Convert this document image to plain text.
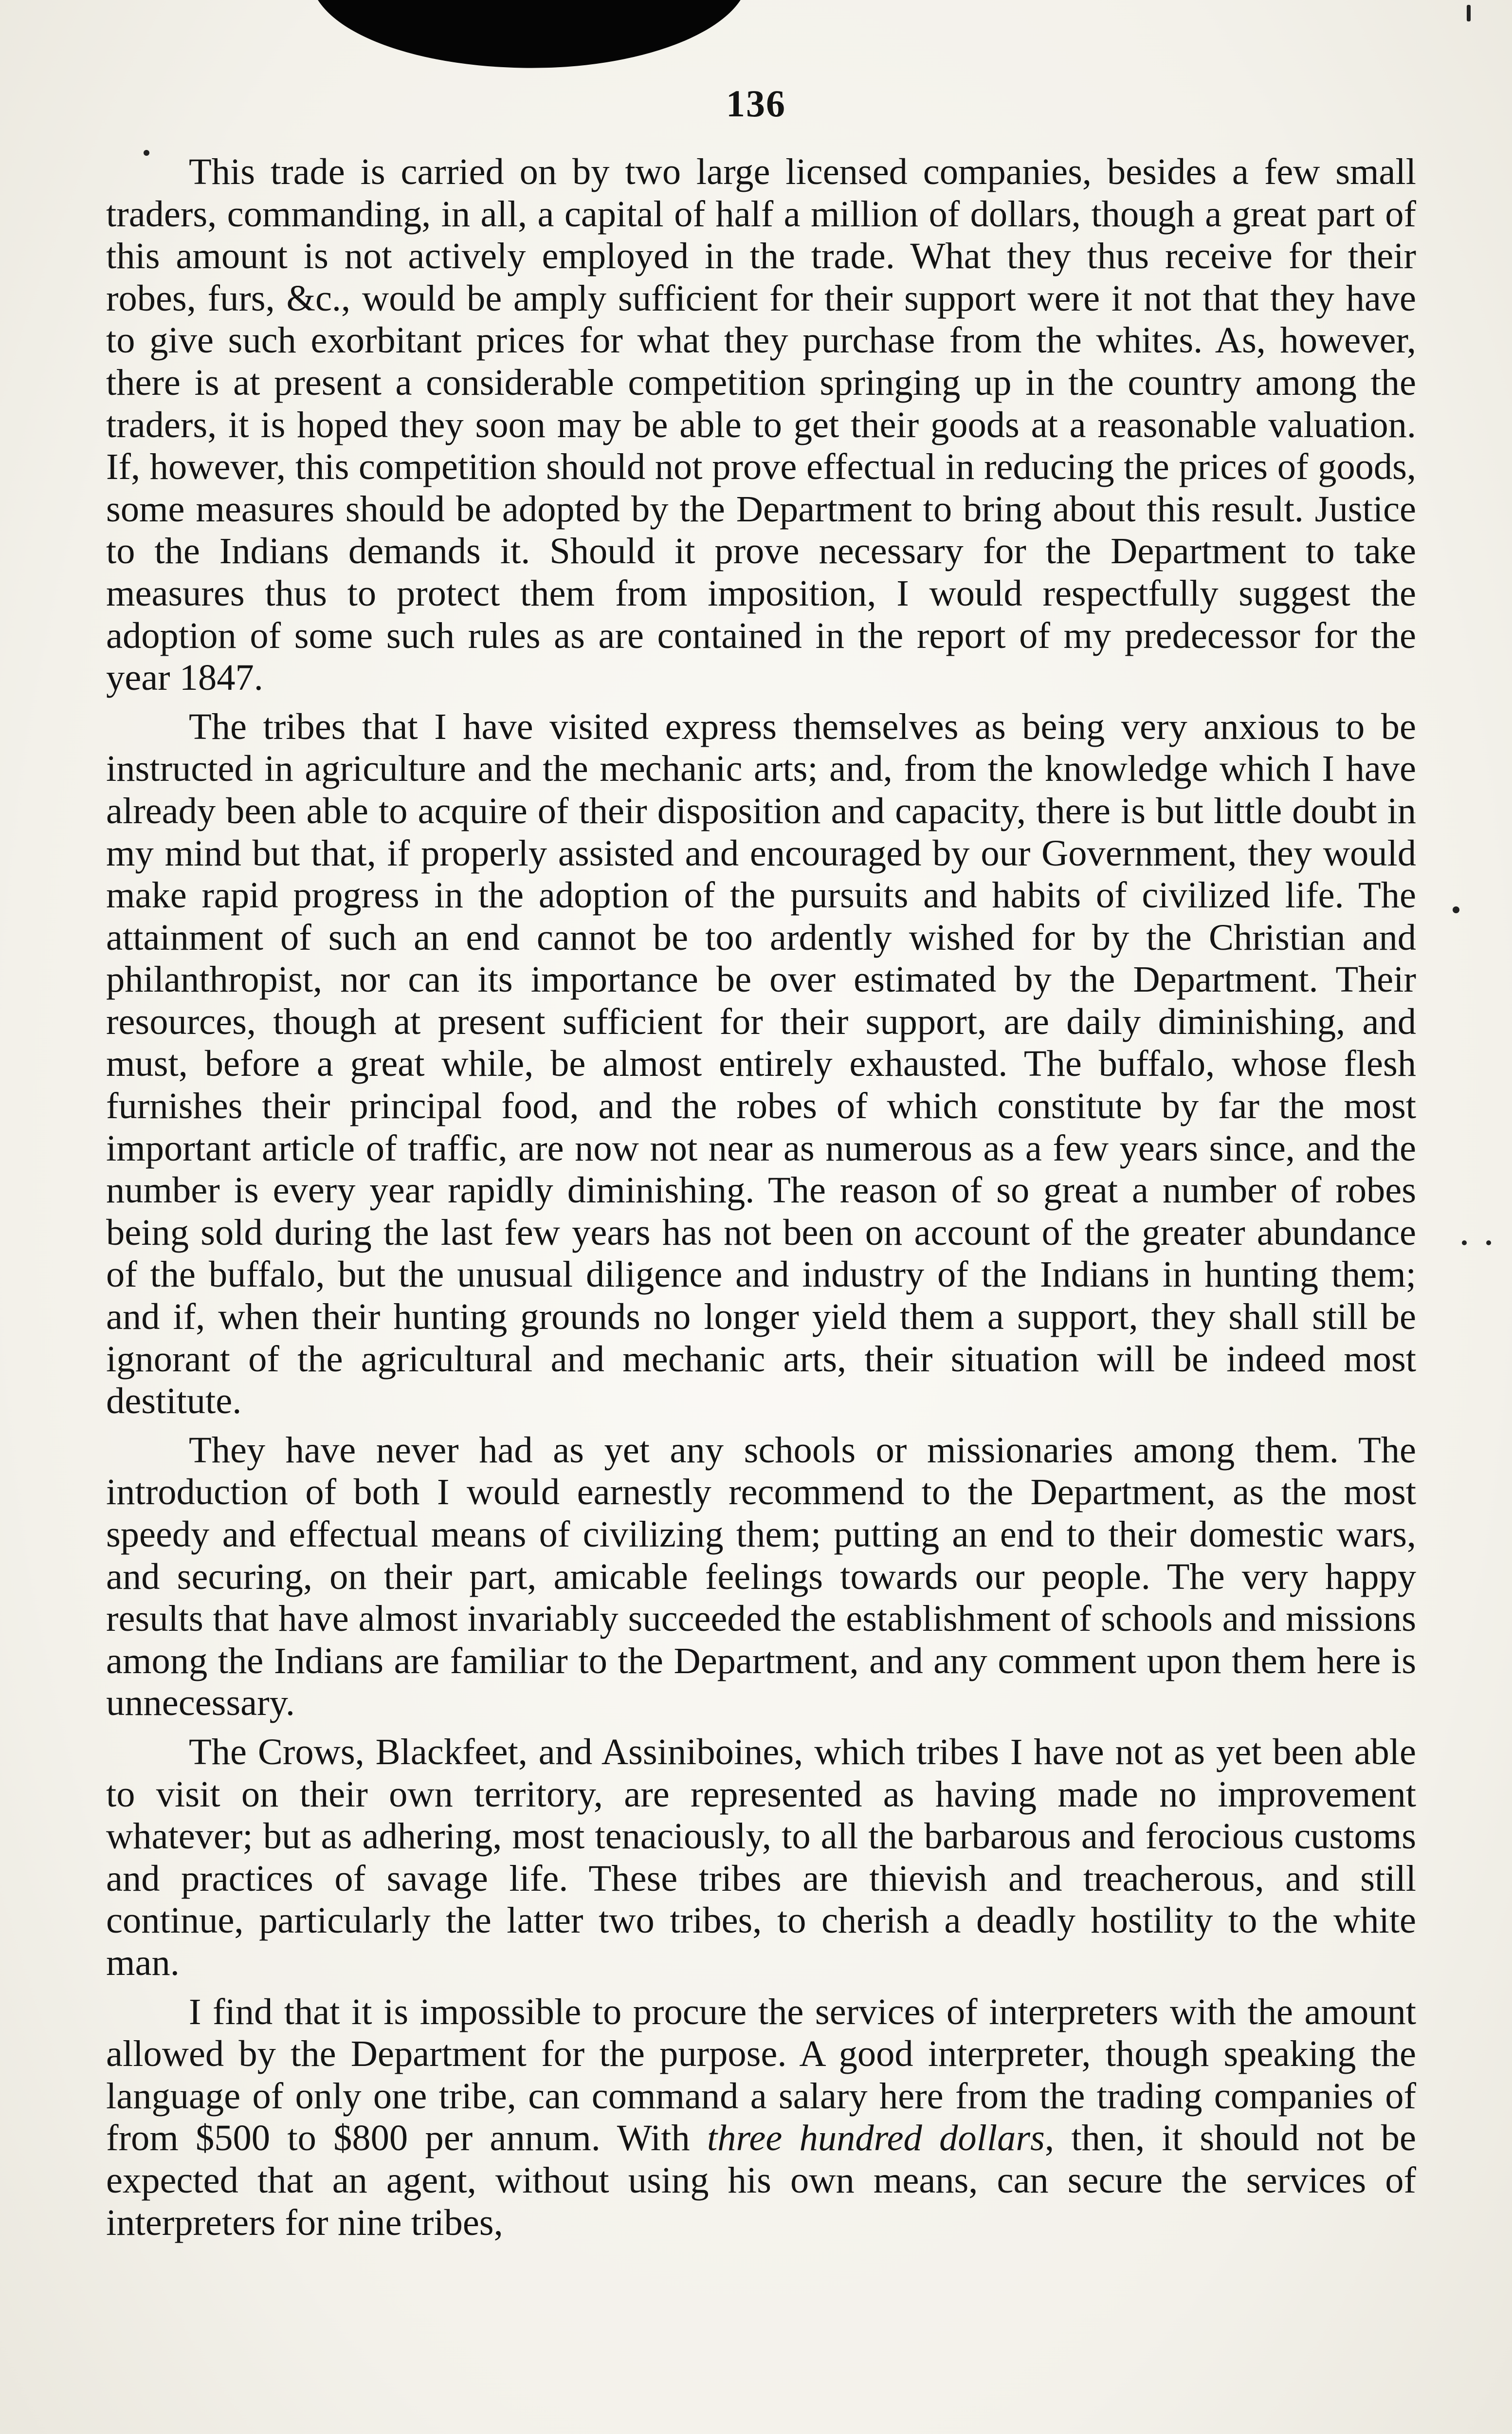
136

This trade is carried on by two large licensed companies, besides a few small traders, commanding, in all, a capital of half a million of dollars, though a great part of this amount is not actively employed in the trade. What they thus receive for their robes, furs, &c., would be amply sufficient for their support were it not that they have to give such exorbitant prices for what they purchase from the whites. As, however, there is at present a considerable competition springing up in the country among the traders, it is hoped they soon may be able to get their goods at a reasonable valuation. If, however, this competition should not prove effectual in reducing the prices of goods, some measures should be adopted by the Department to bring about this result. Justice to the Indians demands it. Should it prove necessary for the Department to take measures thus to protect them from imposition, I would respectfully suggest the adoption of some such rules as are contained in the report of my predecessor for the year 1847.

The tribes that I have visited express themselves as being very anxious to be instructed in agriculture and the mechanic arts; and, from the knowledge which I have already been able to acquire of their disposition and capacity, there is but little doubt in my mind but that, if properly assisted and encouraged by our Government, they would make rapid progress in the adoption of the pursuits and habits of civilized life. The attainment of such an end cannot be too ardently wished for by the Christian and philanthropist, nor can its importance be over estimated by the Department. Their resources, though at present sufficient for their support, are daily diminishing, and must, before a great while, be almost entirely exhausted. The buffalo, whose flesh furnishes their principal food, and the robes of which constitute by far the most important article of traffic, are now not near as numerous as a few years since, and the number is every year rapidly diminishing. The reason of so great a number of robes being sold during the last few years has not been on account of the greater abundance of the buffalo, but the unusual diligence and industry of the Indians in hunting them; and if, when their hunting grounds no longer yield them a support, they shall still be ignorant of the agricultural and mechanic arts, their situation will be indeed most destitute.

They have never had as yet any schools or missionaries among them. The introduction of both I would earnestly recommend to the Department, as the most speedy and effectual means of civilizing them; putting an end to their domestic wars, and securing, on their part, amicable feelings towards our people. The very happy results that have almost invariably succeeded the establishment of schools and missions among the Indians are familiar to the Department, and any comment upon them here is unnecessary.

The Crows, Blackfeet, and Assiniboines, which tribes I have not as yet been able to visit on their own territory, are represented as having made no improvement whatever; but as adhering, most tenaciously, to all the barbarous and ferocious customs and practices of savage life. These tribes are thievish and treacherous, and still continue, particularly the latter two tribes, to cherish a deadly hostility to the white man.

I find that it is impossible to procure the services of interpreters with the amount allowed by the Department for the purpose. A good interpreter, though speaking the language of only one tribe, can command a salary here from the trading companies of from $500 to $800 per annum. With three hundred dollars, then, it should not be expected that an agent, without using his own means, can secure the services of interpreters for nine tribes,
